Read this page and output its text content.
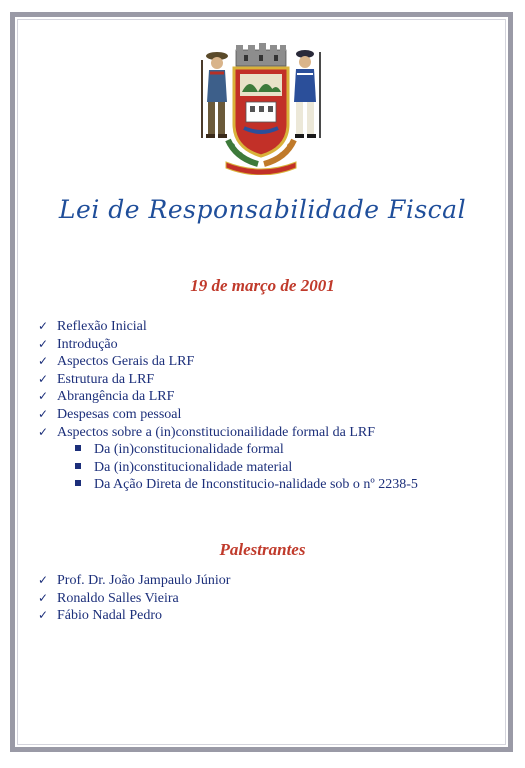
Lei de Responsabilidade Fiscal
19 de março de 2001
✓ Reflexão Inicial
✓ Introdução
✓ Aspectos Gerais da LRF
✓ Estrutura da LRF
✓ Abrangência da LRF
✓ Despesas com pessoal
✓ Aspectos sobre a (in)constitucionailidade formal da LRF
Da (in)constitucionalidade formal
Da (in)constitucionalidade material
Da Ação Direta de Inconstitucio-nalidade sob o nº 2238-5
Palestrantes
✓ Prof. Dr. João Jampaulo Júnior
✓ Ronaldo Salles Vieira
✓ Fábio Nadal Pedro
